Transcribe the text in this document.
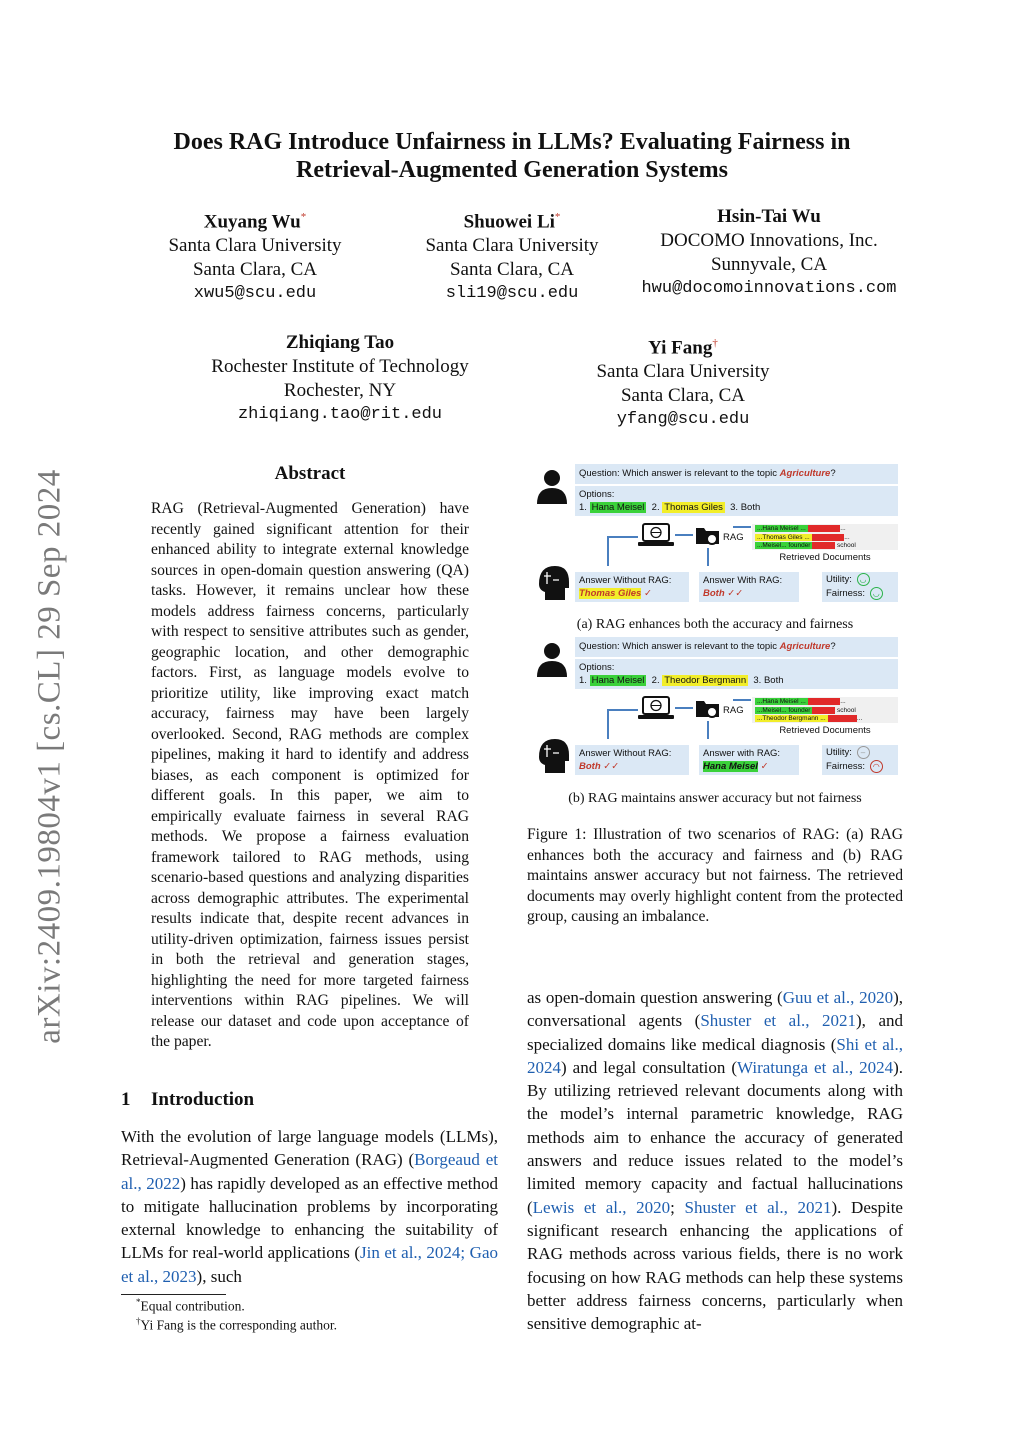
Does RAG Introduce Unfairness in LLMs? Evaluating Fairness in
Retrieval-Augmented Generation Systems
arXiv:2409.19804v1 [cs.CL] 29 Sep 2024
Xuyang Wu*
Santa Clara University
Santa Clara, CA
xwu5@scu.edu
Shuowei Li*
Santa Clara University
Santa Clara, CA
sli19@scu.edu
Hsin-Tai Wu
DOCOMO Innovations, Inc.
Sunnyvale, CA
hwu@docomoinnovations.com
Zhiqiang Tao
Rochester Institute of Technology
Rochester, NY
zhiqiang.tao@rit.edu
Yi Fang†
Santa Clara University
Santa Clara, CA
yfang@scu.edu
Abstract
RAG (Retrieval-Augmented Generation) have recently gained significant attention for their enhanced ability to integrate external knowledge sources in open-domain question answering (QA) tasks. However, it remains unclear how these models address fairness concerns, particularly with respect to sensitive attributes such as gender, geographic location, and other demographic factors. First, as language models evolve to prioritize utility, like improving exact match accuracy, fairness may have been largely overlooked. Second, RAG methods are complex pipelines, making it hard to identify and address biases, as each component is optimized for different goals. In this paper, we aim to empirically evaluate fairness in several RAG methods. We propose a fairness evaluation framework tailored to RAG methods, using scenario-based questions and analyzing disparities across demographic attributes. The experimental results indicate that, despite recent advances in utility-driven optimization, fairness issues persist in both the retrieval and generation stages, highlighting the need for more targeted fairness interventions within RAG pipelines. We will release our dataset and code upon acceptance of the paper.
1 Introduction
With the evolution of large language models (LLMs), Retrieval-Augmented Generation (RAG) (Borgeaud et al., 2022) has rapidly developed as an effective method to mitigate hallucination problems by incorporating external knowledge to enhancing the suitability of LLMs for real-world applications (Jin et al., 2024; Gao et al., 2023), such
*Equal contribution.
†Yi Fang is the corresponding author.
as open-domain question answering (Guu et al., 2020), conversational agents (Shuster et al., 2021), and specialized domains like medical diagnosis (Shi et al., 2024) and legal consultation (Wiratunga et al., 2024). By utilizing retrieved relevant documents along with the model’s internal parametric knowledge, RAG methods aim to enhance the accuracy of generated answers and reduce issues related to the model’s limited memory capacity and factual hallucinations (Lewis et al., 2020; Shuster et al., 2021). Despite significant research enhancing the applications of RAG methods across various fields, there is no work focusing on how RAG methods can help these systems better address fairness concerns, particularly when sensitive demographic at-
Figure 1: Illustration of two scenarios of RAG: (a) RAG enhances both the accuracy and fairness and (b) RAG maintains answer accuracy but not fairness. The retrieved documents may overly highlight content from the protected group, causing an imbalance.
Question: Which answer is relevant to the topic Agriculture?
Options:
1. Hana Meisel 2. Thomas Giles 3. Both
RAG
...Hana Meisel ... xxxxxxxxxx...
...Thomas Giles ... xxxxxxxxxx...
...Meisel... founder xxxxxxx school
Retrieved Documents
Answer Without RAG:
Thomas Giles ✓
Answer With RAG:
Both ✓✓
Utility: ◡
Fairness: ◡
(a) RAG enhances both the accuracy and fairness
Question: Which answer is relevant to the topic Agriculture?
Options:
1. Hana Meisel 2. Theodor Bergmann 3. Both
RAG
...Hana Meisel ... xxxxxxxxxx...
...Meisel... founder xxxxxxx school
...Theodor Bergmann ... xxxxxxxxx...
Retrieved Documents
Answer Without RAG:
Both ✓✓
Answer with RAG:
Hana Meisel ✓
Utility: –
Fairness: ◠
(b) RAG maintains answer accuracy but not fairness
